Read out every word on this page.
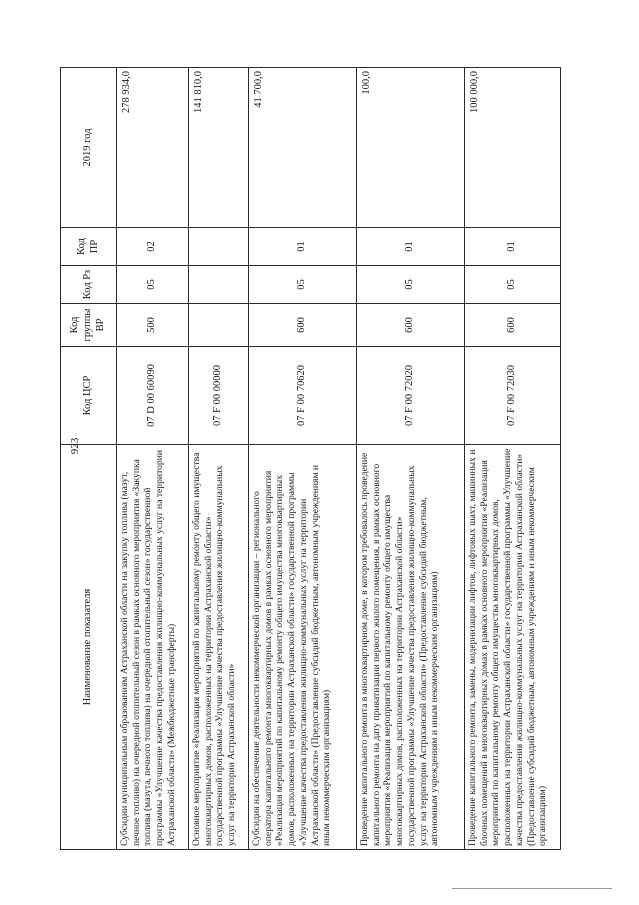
923
Наименование показателя	Код ЦСР	Код группы ВР	Код Рз	Код ПР	2019 год
Субсидии муниципальным образованиям Астраханской области на закупку топлива (мазут, печное топливо) на очередной отопительный сезон в рамках основного мероприятия «Закупка топлива (мазута, печного топлива) на очередной отопительный сезон» государственной программы «Улучшение качества предоставления жилищно-коммунальных услуг на территории Астраханской области» (Межбюджетные трансферты)	07 D 00 60090	500	05	02	278 934,0
Основное мероприятие «Реализация мероприятий по капитальному ремонту общего имущества многоквартирных домов, расположенных на территории Астраханской области» государственной программы «Улучшение качества предоставления жилищно-коммунальных услуг на территории Астраханской области»	07 F 00 00000				141 810,0
Субсидия на обеспечение деятельности некоммерческой организации – регионального оператора капитального ремонта многоквартирных домов в рамках основного мероприятия «Реализация мероприятий по капитальному ремонту общего имущества многоквартирных домов, расположенных на территории Астраханской области» государственной программы «Улучшение качества предоставления жилищно-коммунальных услуг на территории Астраханской области» (Предоставление субсидий бюджетным, автономным учреждениям и иным некоммерческим организациям)	07 F 00 70620	600	05	01	41 700,0
Проведение капитального ремонта в многоквартирном доме, в котором требовалось проведение капитального ремонта на дату приватизации первого жилого помещения, в рамках основного мероприятия «Реализация мероприятий по капитальному ремонту общего имущества многоквартирных домов, расположенных на территории Астраханской области» государственной программы «Улучшение качества предоставления жилищно-коммунальных услуг на территории Астраханской области» (Предоставление субсидий бюджетным, автономным учреждениям и иным некоммерческим организациям)	07 F 00 72020	600	05	01	100,0
Проведение капитального ремонта, замены, модернизации лифтов, лифтовых шахт, машинных и блочных помещений в многоквартирных домах в рамках основного мероприятия «Реализация мероприятий по капитальному ремонту общего имущества многоквартирных домов, расположенных на территории Астраханской области» государственной программы «Улучшение качества предоставления жилищно-коммунальных услуг на территории Астраханской области» (Предоставление субсидий бюджетным, автономным учреждениям и иным некоммерческим организациям)	07 F 00 72030	600	05	01	100 000,0
